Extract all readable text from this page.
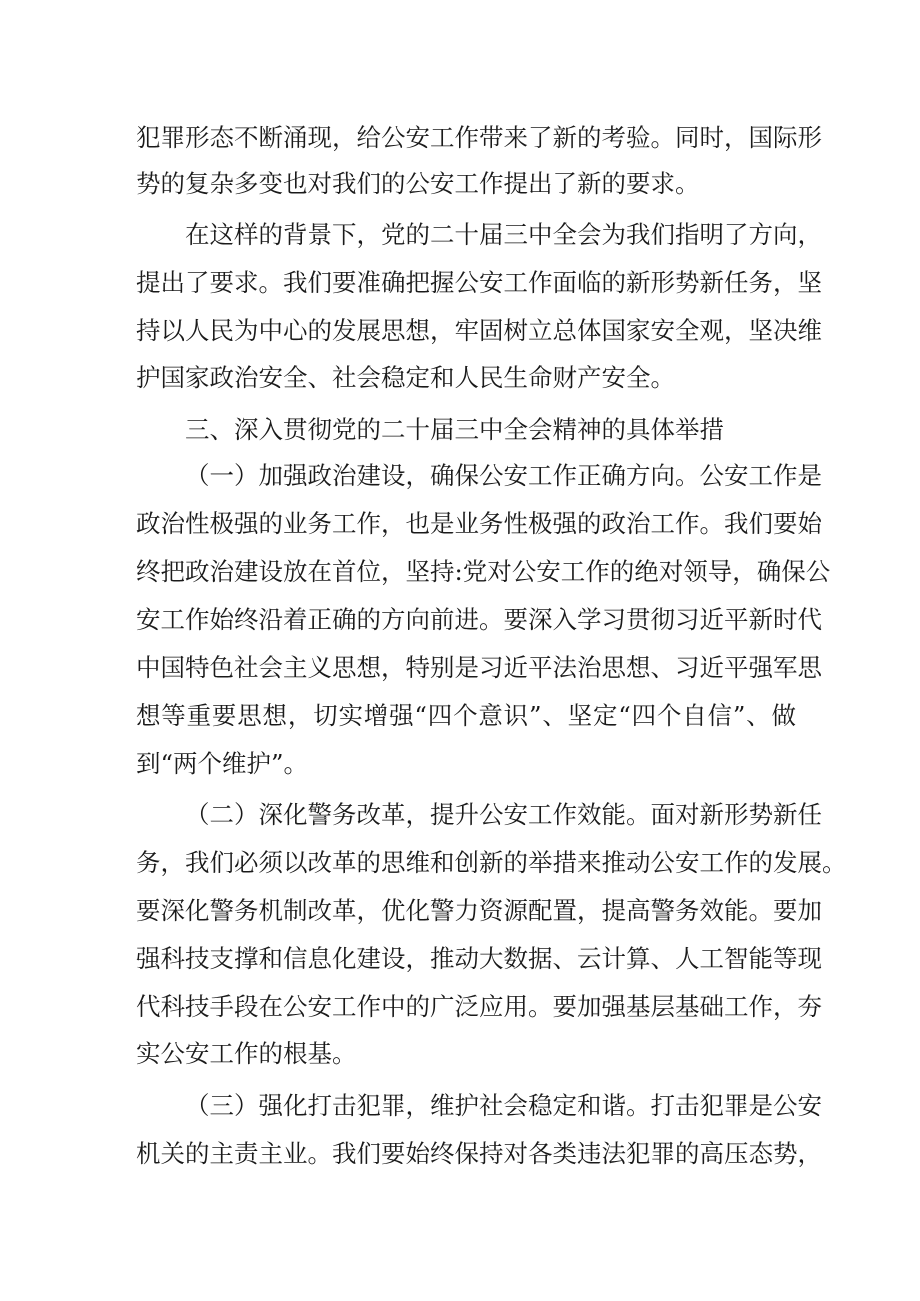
犯罪形态不断涌现，给公安工作带来了新的考验。同时，国际形
势的复杂多变也对我们的公安工作提出了新的要求。
在这样的背景下，党的二十届三中全会为我们指明了方向，
提出了要求。我们要准确把握公安工作面临的新形势新任务，坚
持以人民为中心的发展思想，牢固树立总体国家安全观，坚决维
护国家政治安全、社会稳定和人民生命财产安全。
三、深入贯彻党的二十届三中全会精神的具体举措
（一）加强政治建设，确保公安工作正确方向。公安工作是
政治性极强的业务工作，也是业务性极强的政治工作。我们要始
终把政治建设放在首位，坚持:党对公安工作的绝对领导，确保公
安工作始终沿着正确的方向前进。要深入学习贯彻习近平新时代
中国特色社会主义思想，特别是习近平法治思想、习近平强军思
想等重要思想，切实增强“四个意识”、坚定“四个自信”、做
到“两个维护”。
（二）深化警务改革，提升公安工作效能。面对新形势新任
务，我们必须以改革的思维和创新的举措来推动公安工作的发展。
要深化警务机制改革，优化警力资源配置，提高警务效能。要加
强科技支撑和信息化建设，推动大数据、云计算、人工智能等现
代科技手段在公安工作中的广泛应用。要加强基层基础工作，夯
实公安工作的根基。
（三）强化打击犯罪，维护社会稳定和谐。打击犯罪是公安
机关的主责主业。我们要始终保持对各类违法犯罪的高压态势，
